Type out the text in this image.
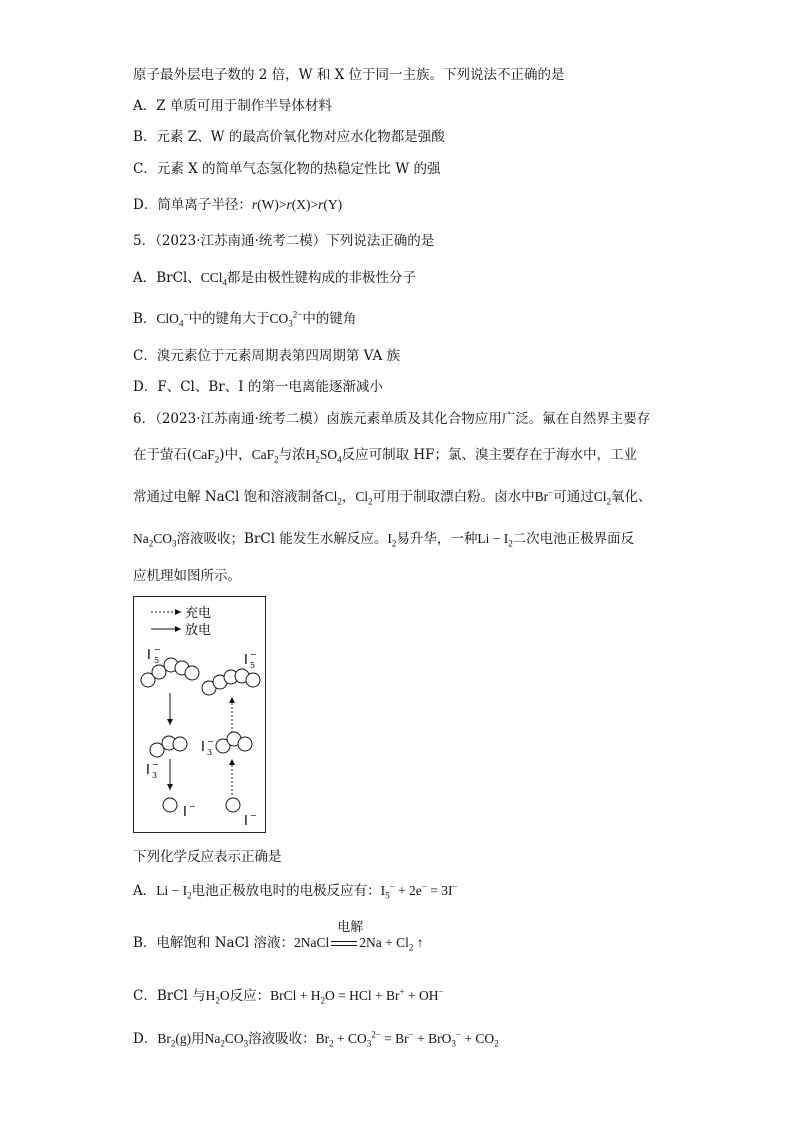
原子最外层电子数的 2 倍，W 和 X 位于同一主族。下列说法不正确的是
A．Z 单质可用于制作半导体材料
B．元素 Z、W 的最高价氧化物对应水化物都是强酸
C．元素 X 的简单气态氢化物的热稳定性比 W 的强
D．简单离子半径：r(W)>r(X)>r(Y)
5．（2023·江苏南通·统考二模）下列说法正确的是
A．BrCl、CCl$_4$都是由极性键构成的非极性分子
B．ClO$_4$−中的键角大于$CO_3^{2-}$中的键角
C．溴元素位于元素周期表第四周期第 VA 族
D．F、Cl、Br、I 的第一电离能逐渐减小
6．（2023·江苏南通·统考二模）卤族元素单质及其化合物应用广泛。氟在自然界主要存
在于萤石(CaF$_2$)中，CaF$_2$与浓$H_2SO_4$反应可制取 HF；氯、溴主要存在于海水中，工业
常通过电解 NaCl 饱和溶液制备$Cl_2$，$Cl_2$可用于制取漂白粉。卤水中Br−可通过$Cl_2$氧化、
$Na_2CO_3$溶液吸收；BrCl 能发生水解反应。$I_2$易升华，一种$Li - I_2$二次电池正极界面反
应机理如图所示。
充电
放电
I −
5	I −
5
I −
3
I −
3
I −
I −
下列化学反应表示正确是
A．$Li - I_2$电池正极放电时的电极反应有：$I_5^- + 2e^- = 3I^-$
B．电解饱和 NaCl 溶液：2NaCl
电解
$2Na + Cl_2$ ↑
C．BrCl 与$H_2O$反应：BrCl + $H_2O$ = HCl + Br+ + OH−
D．$Br_2(g)$用$Na_2CO_3$溶液吸收：$Br_2 + CO_3^{2-} = Br^- + BrO_3^- + CO_2$
